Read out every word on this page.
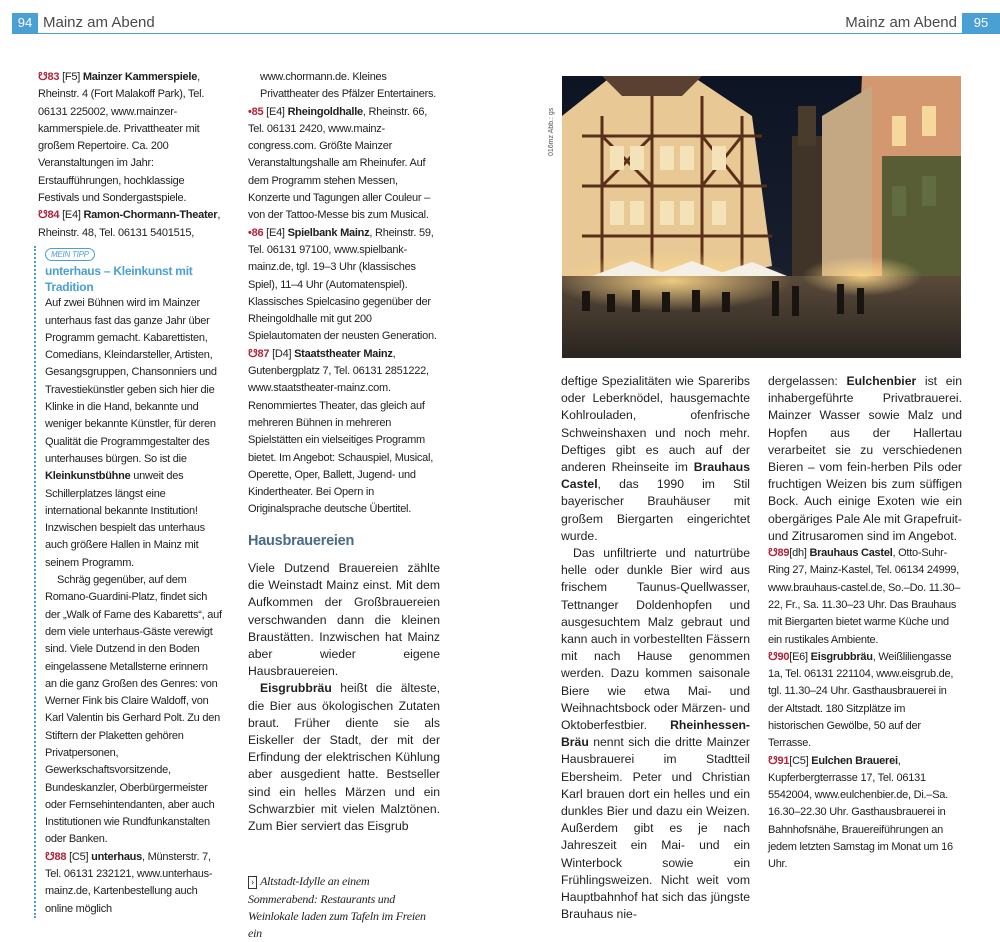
94 Mainz am Abend	Mainz am Abend	95
☋83 [F5] Mainzer Kammerspiele, Rheinstr. 4 (Fort Malakoff Park), Tel. 06131 225002, www.mainzer-kammerspiele.de. Privattheater mit großem Repertoire. Ca. 200 Veranstaltungen im Jahr: Erstaufführungen, hochklassige Festivals und Sondergastspiele.
☋84 [E4] Ramon-Chormann-Theater, Rheinstr. 48, Tel. 06131 5401515,
MEIN TIPP
unterhaus – Kleinkunst mit Tradition

Auf zwei Bühnen wird im Mainzer unterhaus fast das ganze Jahr über Programm gemacht. Kabarettisten, Comedians, Kleindarsteller, Artisten, Gesangsgruppen, Chansonniers und Travestiekünstler geben sich hier die Klinke in die Hand, bekannte und weniger bekannte Künstler, für deren Qualität die Programmgestalter des unterhauses bürgen. So ist die Kleinkunstbühne unweit des Schillerplatzes längst eine international bekannte Institution! Inzwischen bespielt das unterhaus auch größere Hallen in Mainz mit seinem Programm.

Schräg gegenüber, auf dem Romano-Guardini-Platz, findet sich der „Walk of Fame des Kabaretts“, auf dem viele unterhaus-Gäste verewigt sind. Viele Dutzend in den Boden eingelassene Metallsterne erinnern an die ganz Großen des Genres: von Werner Fink bis Claire Waldoff, von Karl Valentin bis Gerhard Polt. Zu den Stiftern der Plaketten gehören Privatpersonen, Gewerkschaftsvorsitzende, Bundeskanzler, Oberbürgermeister oder Fernsehintendanten, aber auch Institutionen wie Rundfunkanstalten oder Banken.

☋88 [C5] unterhaus, Münsterstr. 7, Tel. 06131 232121, www.unterhaus-mainz.de, Kartenbestellung auch online möglich

www.chormann.de. Kleines Privattheater des Pfälzer Entertainers.

•85 [E4] Rheingoldhalle, Rheinstr. 66, Tel. 06131 2420, www.mainz-congress.com. Größte Mainzer Veranstaltungshalle am Rheinufer. Auf dem Programm stehen Messen, Konzerte und Tagungen aller Couleur – von der Tattoo-Messe bis zum Musical.
•86 [E4] Spielbank Mainz, Rheinstr. 59, Tel. 06131 97100, www.spielbank-mainz.de, tgl. 19–3 Uhr (klassisches Spiel), 11–4 Uhr (Automatenspiel). Klassisches Spielcasino gegenüber der Rheingoldhalle mit gut 200 Spielautomaten der neusten Generation.
☋87 [D4] Staatstheater Mainz, Gutenbergplatz 7, Tel. 06131 2851222, www.staatstheater-mainz.com. Renommiertes Theater, das gleich auf mehreren Bühnen in mehreren Spielstätten ein vielseitiges Programm bietet. Im Angebot: Schauspiel, Musical, Operette, Oper, Ballett, Jugend- und Kindertheater. Bei Opern in Originalsprache deutsche Übertitel.
Hausbrauereien

Viele Dutzend Brauereien zählte die Weinstadt Mainz einst. Mit dem Aufkommen der Großbrauereien verschwanden dann die kleinen Braustätten. Inzwischen hat Mainz aber wieder eigene Hausbrauereien.

Eisgrubbräu heißt die älteste, die Bier aus ökologischen Zutaten braut. Früher diente sie als Eiskeller der Stadt, der mit der Erfindung der elektrischen Kühlung aber ausgedient hatte. Bestseller sind ein helles Märzen und ein Schwarzbier mit vielen Malztönen. Zum Bier serviert das Eisgrub

› Altstadt-Idylle an einem Sommerabend: Restaurants und Weinlokale laden zum Tafeln im Freien ein
016mz Abb.: gs

deftige Spezialitäten wie Spareribs oder Leberknödel, hausgemachte Kohlrouladen, ofenfrische Schweinshaxen und noch mehr. Deftiges gibt es auch auf der anderen Rheinseite im Brauhaus Castel, das 1990 im Stil bayerischer Brauhäuser mit großem Biergarten eingerichtet wurde.

Das unfiltrierte und naturtrübe helle oder dunkle Bier wird aus frischem Taunus-Quellwasser, Tettnanger Doldenhopfen und ausgesuchtem Malz gebraut und kann auch in vorbestellten Fässern mit nach Hause genommen werden. Dazu kommen saisonale Biere wie etwa Mai- und Weihnachtsbock oder Märzen- und Oktoberfestbier. Rheinhessen-Bräu nennt sich die dritte Mainzer Hausbrauerei im Stadtteil Ebersheim. Peter und Christian Karl brauen dort ein helles und ein dunkles Bier und dazu ein Weizen. Außerdem gibt es je nach Jahreszeit ein Mai- und ein Winterbock sowie ein Frühlingsweizen. Nicht weit vom Hauptbahnhof hat sich das jüngste Brauhaus nie-

dergelassen: Eulchenbier ist ein inhabergeführte Privatbrauerei. Mainzer Wasser sowie Malz und Hopfen aus der Hallertau verarbeitet sie zu verschiedenen Bieren – vom fein-herben Pils oder fruchtigen Weizen bis zum süffigen Bock. Auch einige Exoten wie ein obergäriges Pale Ale mit Grapefruit- und Zitrusaromen sind im Angebot.

☋89[dh] Brauhaus Castel, Otto-Suhr-Ring 27, Mainz-Kastel, Tel. 06134 24999, www.brauhaus-castel.de, So.–Do. 11.30–22, Fr., Sa. 11.30–23 Uhr. Das Brauhaus mit Biergarten bietet warme Küche und ein rustikales Ambiente.
☋90[E6] Eisgrubbräu, Weißliliengasse 1a, Tel. 06131 221104, www.eisgrub.de, tgl. 11.30–24 Uhr. Gasthausbrauerei in der Altstadt. 180 Sitzplätze im historischen Gewölbe, 50 auf der Terrasse.
☋91[C5] Eulchen Brauerei, Kupferbergterrasse 17, Tel. 06131 5542004, www.eulchenbier.de, Di.–Sa. 16.30–22.30 Uhr. Gasthausbrauerei in Bahnhofsnähe, Brauereiführungen an jedem letzten Samstag im Monat um 16 Uhr.
